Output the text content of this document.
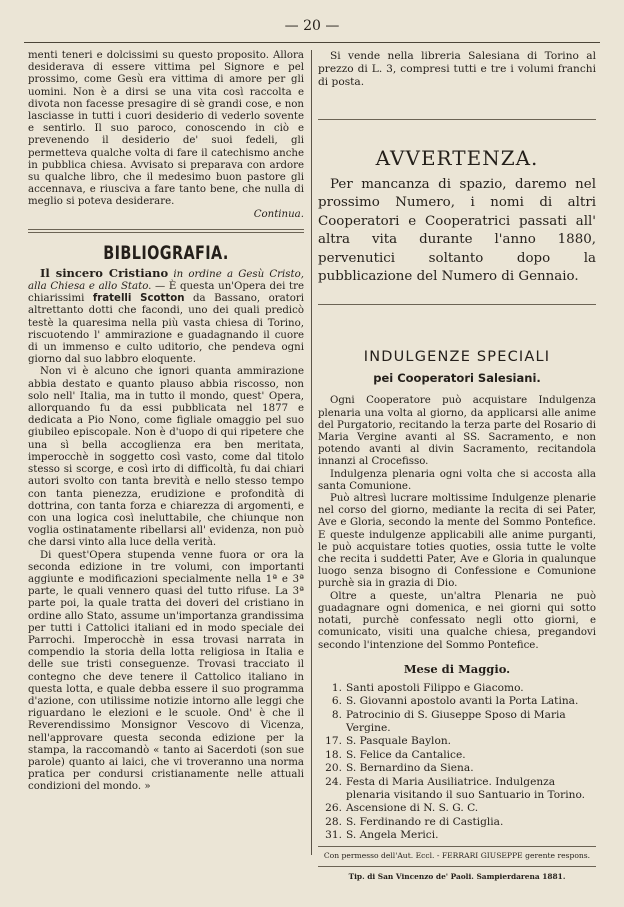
— 20 —

menti teneri e dolcissimi su questo proposito. Allora desiderava di essere vittima pel Signore e pel prossimo, come Gesù era vittima di amore per gli uomini. Non è a dirsi se una vita così raccolta e divota non facesse presagire di sè grandi cose, e non lasciasse in tutti i cuori desiderio di vederlo sovente e sentirlo. Il suo paroco, conoscendo in ciò e prevenendo il desiderio de' suoi fedeli, gli permetteva qualche volta di fare il catechismo anche in pubblica chiesa. Avvisato si preparava con ardore su qualche libro, che il medesimo buon pastore gli accennava, e riusciva a fare tanto bene, che nulla di meglio si poteva desiderare.

Continua.

BIBLIOGRAFIA.

Il sincero Cristiano in ordine a Gesù Cristo, alla Chiesa e allo Stato. — È questa un'Opera dei tre chiarissimi fratelli Scotton da Bassano, oratori altrettanto dotti che facondi, uno dei quali predicò testè la quaresima nella più vasta chiesa di Torino, riscuotendo l' ammirazione e guadagnando il cuore di un immenso e culto uditorio, che pendeva ogni giorno dal suo labbro eloquente.

Non vi è alcuno che ignori quanta ammirazione abbia destato e quanto plauso abbia riscosso, non solo nell' Italia, ma in tutto il mondo, quest' Opera, allorquando fu da essi pubblicata nel 1877 e dedicata a Pio Nono, come figliale omaggio pel suo giubileo episcopale. Non è d'uopo di qui ripetere che una sì bella accoglienza era ben meritata, imperocchè in soggetto così vasto, come dal titolo stesso si scorge, e così irto di difficoltà, fu dai chiari autori svolto con tanta brevità e nello stesso tempo con tanta pienezza, erudizione e profondità di dottrina, con tanta forza e chiarezza di argomenti, e con una logica così ineluttabile, che chiunque non voglia ostinatamente ribellarsi all' evidenza, non può che darsi vinto alla luce della verità.

Di quest'Opera stupenda venne fuora or ora la seconda edizione in tre volumi, con importanti aggiunte e modificazioni specialmente nella 1ª e 3ª parte, le quali vennero quasi del tutto rifuse. La 3ª parte poi, la quale tratta dei doveri del cristiano in ordine allo Stato, assume un'importanza grandissima per tutti i Cattolici italiani ed in modo speciale dei Parrochi. Imperocchè in essa trovasi narrata in compendio la storia della lotta religiosa in Italia e delle sue tristi conseguenze. Trovasi tracciato il contegno che deve tenere il Cattolico italiano in questa lotta, e quale debba essere il suo programma d'azione, con utilissime notizie intorno alle leggi che riguardano le elezioni e le scuole. Ond' è che il Reverendissimo Monsignor Vescovo di Vicenza, nell'approvare questa seconda edizione per la stampa, la raccomandò « tanto ai Sacerdoti (son sue parole) quanto ai laici, che vi troveranno una norma pratica per condursi cristianamente nelle attuali condizioni del mondo. »

Si vende nella libreria Salesiana di Torino al prezzo di L. 3, compresi tutti e tre i volumi franchi di posta.

AVVERTENZA.

Per mancanza di spazio, daremo nel prossimo Numero, i nomi di altri Cooperatori e Cooperatrici passati all' altra vita durante l'anno 1880, pervenutici soltanto dopo la pubblicazione del Numero di Gennaio.

INDULGENZE SPECIALI

pei Cooperatori Salesiani.

Ogni Cooperatore può acquistare Indulgenza plenaria una volta al giorno, da applicarsi alle anime del Purgatorio, recitando la terza parte del Rosario di Maria Vergine avanti al SS. Sacramento, e non potendo avanti al divin Sacramento, recitandola innanzi al Crocefisso.

Indulgenza plenaria ogni volta che si accosta alla santa Comunione.

Può altresì lucrare moltissime Indulgenze plenarie nel corso del giorno, mediante la recita di sei Pater, Ave e Gloria, secondo la mente del Sommo Pontefice. E queste indulgenze applicabili alle anime purganti, le può acquistare toties quoties, ossia tutte le volte che recita i suddetti Pater, Ave e Gloria in qualunque luogo senza bisogno di Confessione e Comunione purchè sia in grazia di Dio.

Oltre a queste, un'altra Plenaria ne può guadagnare ogni domenica, e nei giorni qui sotto notati, purchè confessato negli otto giorni, e comunicato, visiti una qualche chiesa, pregandovi secondo l'intenzione del Sommo Pontefice.

Mese di Maggio.

1. Santi apostoli Filippo e Giacomo.
6. S. Giovanni apostolo avanti la Porta Latina.
8. Patrocinio di S. Giuseppe Sposo di Maria Vergine.
17. S. Pasquale Baylon.
18. S. Felice da Cantalice.
20. S. Bernardino da Siena.
24. Festa di Maria Ausiliatrice. Indulgenza plenaria visitando il suo Santuario in Torino.
26. Ascensione di N. S. G. C.
28. S. Ferdinando re di Castiglia.
31. S. Angela Merici.

Con permesso dell'Aut. Eccl. - FERRARI GIUSEPPE gerente respons.

Tip. di San Vincenzo de' Paoli. Sampierdarena 1881.
